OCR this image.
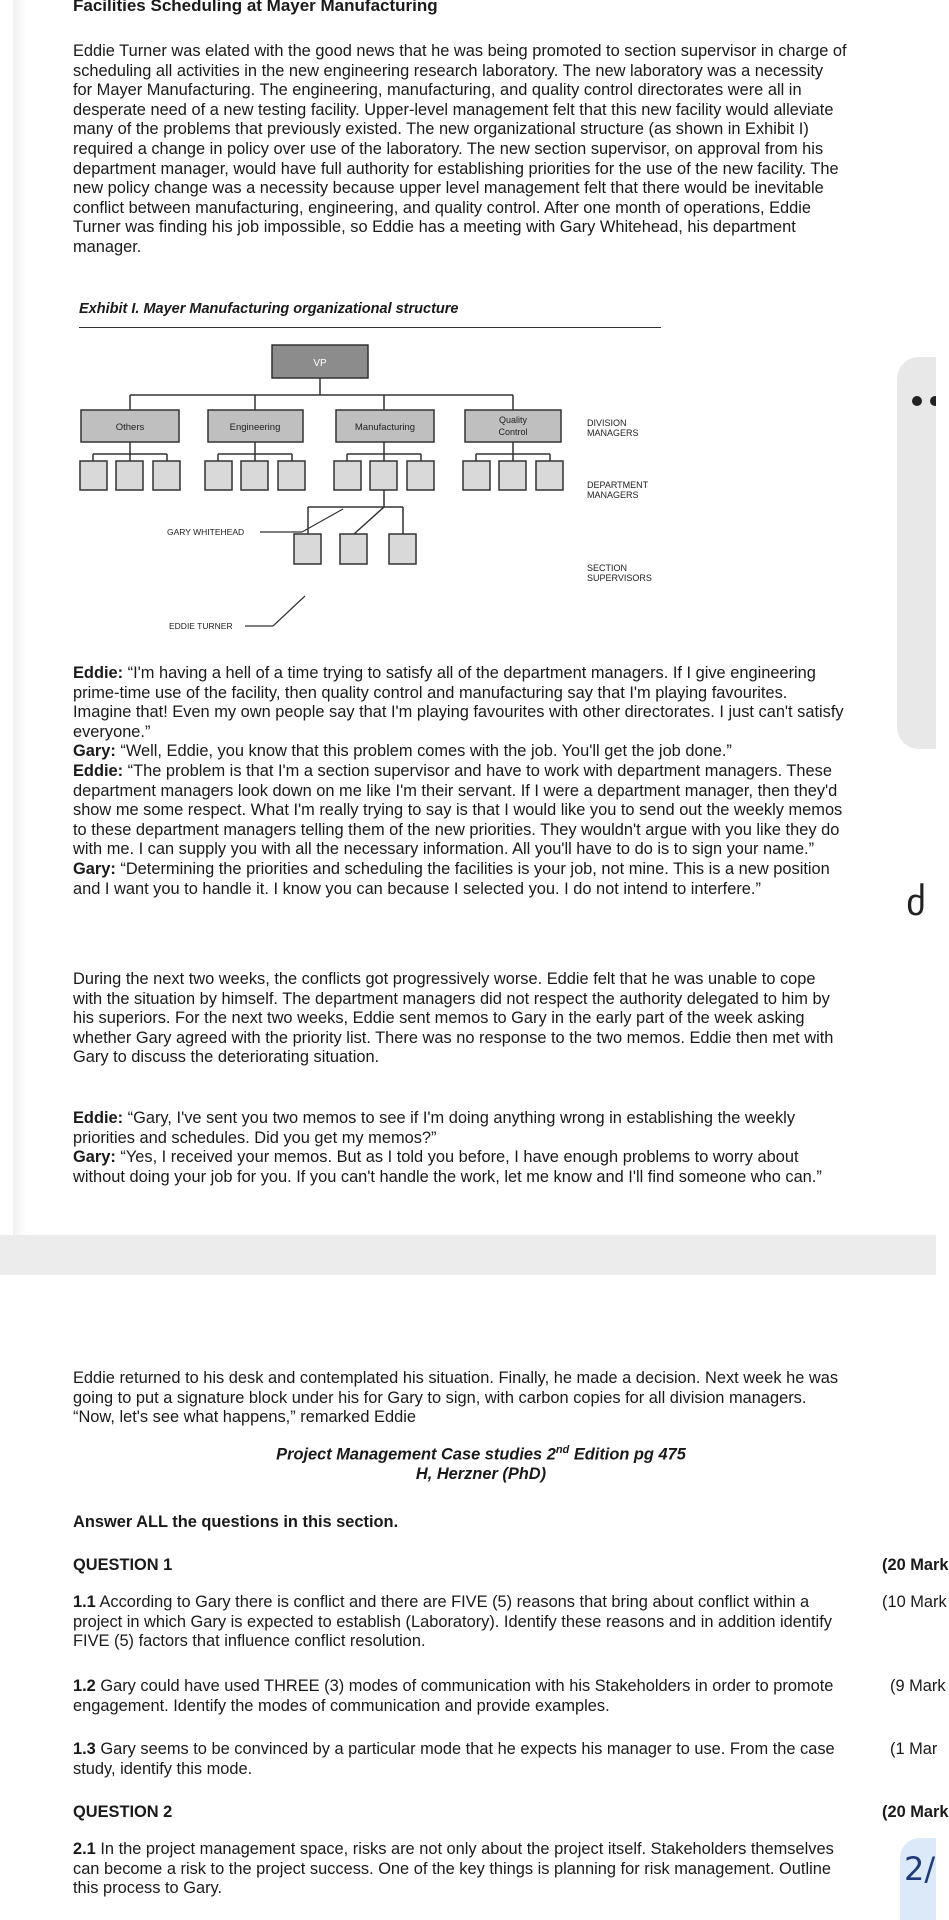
Facilities Scheduling at Mayer Manufacturing
Eddie Turner was elated with the good news that he was being promoted to section supervisor in charge of
scheduling all activities in the new engineering research laboratory. The new laboratory was a necessity
for Mayer Manufacturing. The engineering, manufacturing, and quality control directorates were all in
desperate need of a new testing facility. Upper-level management felt that this new facility would alleviate
many of the problems that previously existed. The new organizational structure (as shown in Exhibit I)
required a change in policy over use of the laboratory. The new section supervisor, on approval from his
department manager, would have full authority for establishing priorities for the use of the new facility. The
new policy change was a necessity because upper level management felt that there would be inevitable
conflict between manufacturing, engineering, and quality control. After one month of operations, Eddie
Turner was finding his job impossible, so Eddie has a meeting with Gary Whitehead, his department
manager.
Exhibit I. Mayer Manufacturing organizational structure
VP
Others	Engineering	Manufacturing
Quality
Control
DIVISION
MANAGERS
DEPARTMENT
MANAGERS
SECTION
SUPERVISORS
GARY WHITEHEAD
EDDIE TURNER
Eddie: “I'm having a hell of a time trying to satisfy all of the department managers. If I give engineering
prime-time use of the facility, then quality control and manufacturing say that I'm playing favourites.
Imagine that! Even my own people say that I'm playing favourites with other directorates. I just can't satisfy
everyone.”
Gary: “Well, Eddie, you know that this problem comes with the job. You'll get the job done.”
Eddie: “The problem is that I'm a section supervisor and have to work with department managers. These
department managers look down on me like I'm their servant. If I were a department manager, then they'd
show me some respect. What I'm really trying to say is that I would like you to send out the weekly memos
to these department managers telling them of the new priorities. They wouldn't argue with you like they do
with me. I can supply you with all the necessary information. All you'll have to do is to sign your name.”
Gary: “Determining the priorities and scheduling the facilities is your job, not mine. This is a new position
and I want you to handle it. I know you can because I selected you. I do not intend to interfere.”
During the next two weeks, the conflicts got progressively worse. Eddie felt that he was unable to cope
with the situation by himself. The department managers did not respect the authority delegated to him by
his superiors. For the next two weeks, Eddie sent memos to Gary in the early part of the week asking
whether Gary agreed with the priority list. There was no response to the two memos. Eddie then met with
Gary to discuss the deteriorating situation.
Eddie: “Gary, I've sent you two memos to see if I'm doing anything wrong in establishing the weekly
priorities and schedules. Did you get my memos?”
Gary: “Yes, I received your memos. But as I told you before, I have enough problems to worry about
without doing your job for you. If you can't handle the work, let me know and I'll find someone who can.”
ძ
Eddie returned to his desk and contemplated his situation. Finally, he made a decision. Next week he was
going to put a signature block under his for Gary to sign, with carbon copies for all division managers.
“Now, let's see what happens,” remarked Eddie
Project Management Case studies 2nd Edition pg 475
H, Herzner (PhD)
Answer ALL the questions in this section.
QUESTION 1	(20 Mark
1.1 According to Gary there is conflict and there are FIVE (5) reasons that bring about conflict within a
project in which Gary is expected to establish (Laboratory). Identify these reasons and in addition identify
FIVE (5) factors that influence conflict resolution.
(10 Mark
1.2 Gary could have used THREE (3) modes of communication with his Stakeholders in order to promote
engagement. Identify the modes of communication and provide examples.
(9 Mark
1.3 Gary seems to be convinced by a particular mode that he expects his manager to use. From the case
study, identify this mode.
(1 Mar
QUESTION 2	(20 Mark
2.1 In the project management space, risks are not only about the project itself. Stakeholders themselves
can become a risk to the project success. One of the key things is planning for risk management. Outline
this process to Gary.
2/
